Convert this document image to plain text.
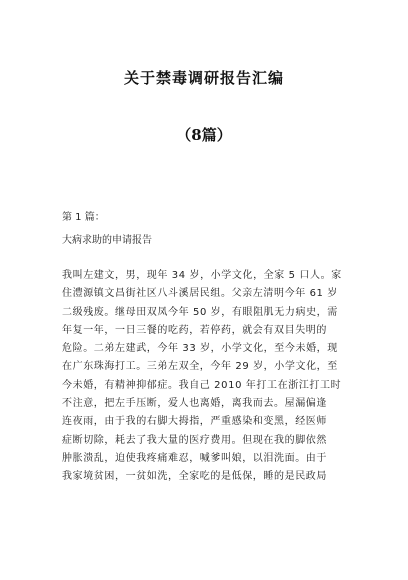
关于禁毒调研报告汇编
（8篇）
第 1 篇：
大病求助的申请报告
我叫左建文，男，现年 34 岁，小学文化，全家 5 口人。家
住澧源镇文昌街社区八斗溪居民组。父亲左清明今年 61 岁
二级残废。继母田双凤今年 50 岁，有眼阻肌无力病史，需
年复一年，一日三餐的吃药，若停药，就会有双目失明的
危险。二弟左建武，今年 33 岁，小学文化，至今未婚，现
在广东珠海打工。三弟左双全，今年 29 岁，小学文化，至
今未婚，有精神抑郁症。我自己 2010 年打工在浙江打工时
不注意，把左手压断，爱人也离婚，离我而去。屋漏偏逢
连夜雨，由于我的右脚大拇指，严重感染和变黑，经医师
症断切除，耗去了我大量的医疗费用。但现在我的脚依然
肿胀溃乱，迫使我疼痛难忍，喊爹叫娘，以泪洗面。由于
我家境贫困，一贫如洗，全家吃的是低保，睡的是民政局
